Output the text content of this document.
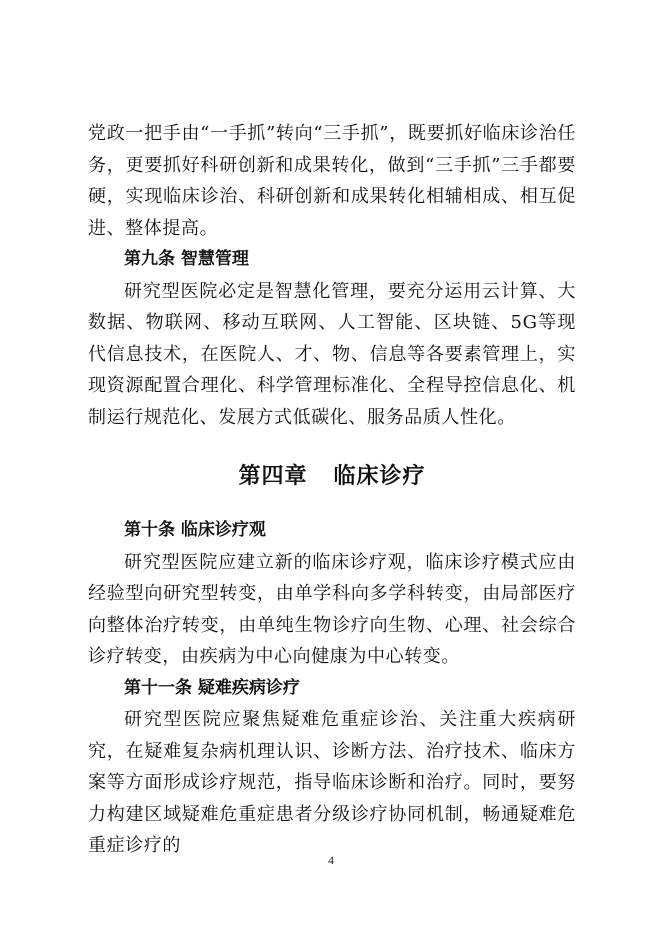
党政一把手由“一手抓”转向“三手抓”，既要抓好临床诊治任务，更要抓好科研创新和成果转化，做到“三手抓”三手都要硬，实现临床诊治、科研创新和成果转化相辅相成、相互促进、整体提高。

第九条 智慧管理

研究型医院必定是智慧化管理，要充分运用云计算、大数据、物联网、移动互联网、人工智能、区块链、5G等现代信息技术，在医院人、才、物、信息等各要素管理上，实现资源配置合理化、科学管理标准化、全程导控信息化、机制运行规范化、发展方式低碳化、服务品质人性化。

第四章   临床诊疗
第十条 临床诊疗观

研究型医院应建立新的临床诊疗观，临床诊疗模式应由经验型向研究型转变，由单学科向多学科转变，由局部医疗向整体治疗转变，由单纯生物诊疗向生物、心理、社会综合诊疗转变，由疾病为中心向健康为中心转变。

第十一条 疑难疾病诊疗

研究型医院应聚焦疑难危重症诊治、关注重大疾病研究，在疑难复杂病机理认识、诊断方法、治疗技术、临床方案等方面形成诊疗规范，指导临床诊断和治疗。同时，要努力构建区域疑难危重症患者分级诊疗协同机制，畅通疑难危重症诊疗的

4
